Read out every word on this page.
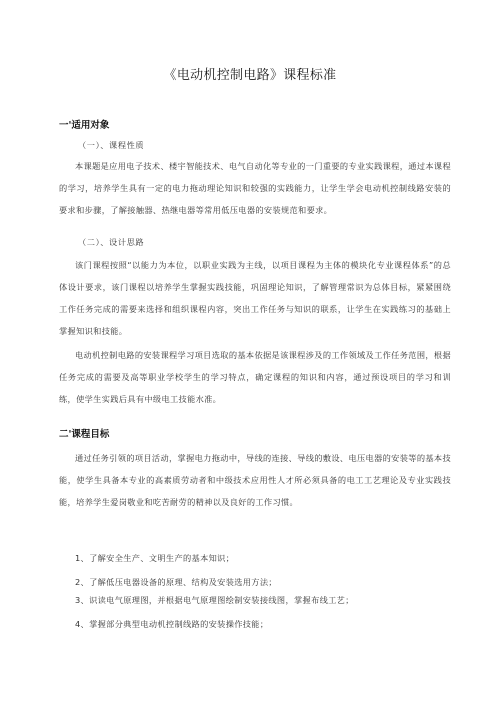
《电动机控制电路》课程标准
一'适用对象
（一）、课程性质
本课题是应用电子技术、楼宇智能技术、电气自动化等专业的一门重要的专业实践课程，通过本课程的学习，培养学生具有一定的电力拖动理论知识和较强的实践能力，让学生学会电动机控制线路安装的要求和步骤，了解接触器、热继电器等常用低压电器的安装规范和要求。
（二）、设计思路
该门课程按照“以能力为本位，以职业实践为主线，以项目课程为主体的模块化专业课程体系”的总体设计要求，该门课程以培养学生掌握实践技能，巩固理论知识，了解管理常识为总体目标，紧紧围绕工作任务完成的需要来选择和组织课程内容，突出工作任务与知识的联系，让学生在实践练习的基础上掌握知识和技能。
电动机控制电路的安装课程学习项目选取的基本依据是该课程涉及的工作领域及工作任务范围，根据任务完成的需要及高等职业学校学生的学习特点，确定课程的知识和内容，通过预设项目的学习和训练，使学生实践后具有中级电工技能水准。
二'课程目标
通过任务引领的项目活动，掌握电力拖动中，导线的连接、导线的敷设、电压电器的安装等的基本技能，使学生具备本专业的高素质劳动者和中级技术应用性人才所必须具备的电工工艺理论及专业实践技能，培养学生爱岗敬业和吃苦耐劳的精神以及良好的工作习惯。
1、了解安全生产、文明生产的基本知识；
2、了解低压电器设备的原理、结构及安装选用方法；
3、识读电气原理图，并根据电气原理图绘制安装接线图，掌握布线工艺；
4、掌握部分典型电动机控制线路的安装操作技能；
